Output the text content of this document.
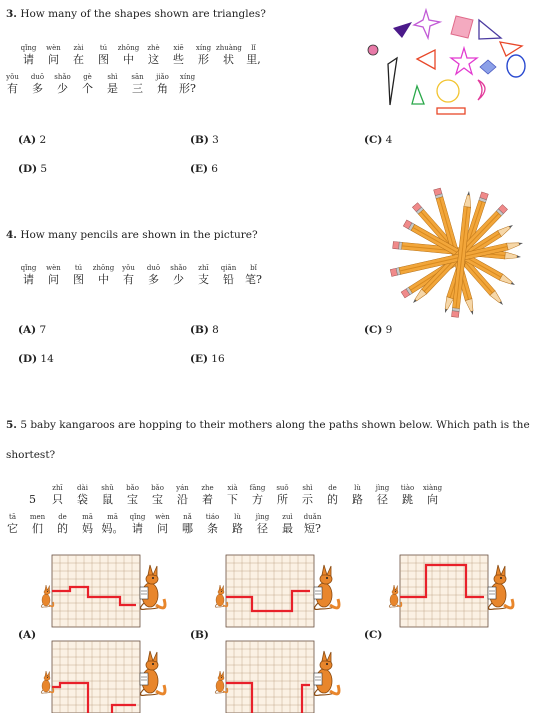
3. How many of the shapes shown are triangles?
qǐng	wèn	zài	tú	zhōng	zhè	xiē	xíng zhuàng	lǐ
请	问	在	图	中	这	些	形	状	里,
yǒu	duō	shǎo	gè	shì	sān	jiǎo	xíng
有	多	少	个	是	三	角	形?
(A) 2	(B) 3	(C) 4
(D) 5	(E) 6
4. How many pencils are shown in the picture?
qǐng	wèn	tú	zhōng	yǒu	duō	shǎo	zhī	qiān	bǐ
请	问	图	中	有	多	少	支	铅	笔?
(A) 7	(B) 8	(C) 9
(D) 14	(E) 16
5. 5 baby kangaroos are hopping to their mothers along the paths shown below. Which path is the
shortest?
zhī	dài	shǔ	bǎo	bǎo	yán	zhe	xià	fāng	suǒ	shì	de	lù	jìng	tiào	xiàng
5	只	袋	鼠	宝	宝	沿	着	下	方	所	示	的	路	径	跳	向
tā	men	de	mā	mā	qǐng	wèn	nǎ	tiáo	lù	jìng	zuì	duǎn
它	们	的	妈 妈。 请	问	哪	条	路	径	最	短?
(A)	(B)	(C)
